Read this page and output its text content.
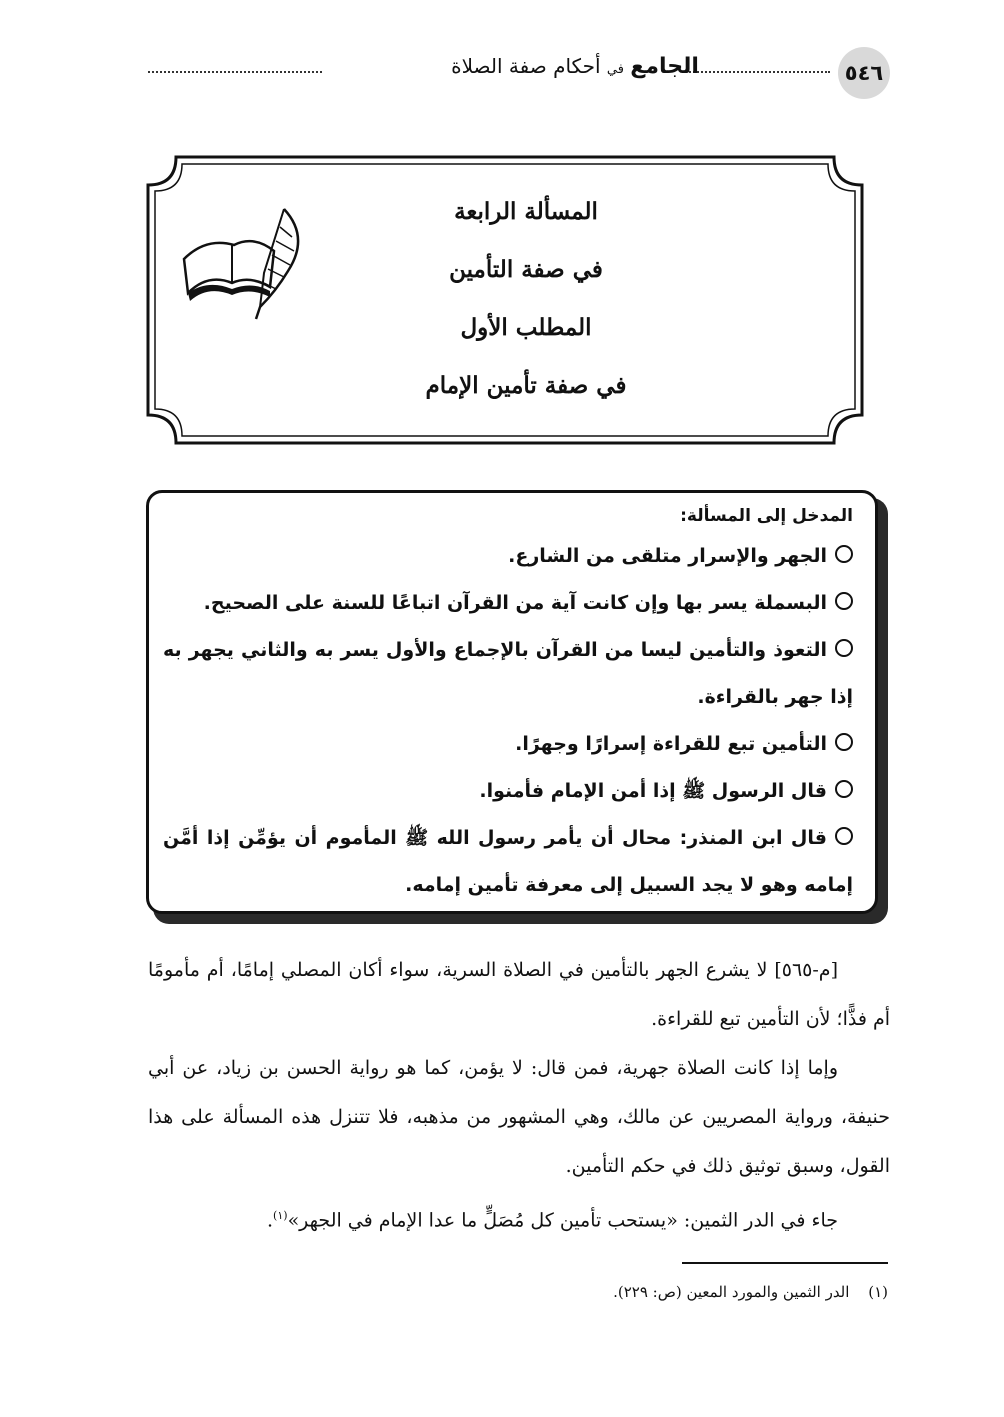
٥٤٦
الجامع في أحكام صفة الصلاة
المسألة الرابعة
في صفة التأمين
المطلب الأول
في صفة تأمين الإمام
المدخل إلى المسألة:
الجهر والإسرار متلقى من الشارع.
البسملة يسر بها وإن كانت آية من القرآن اتباعًا للسنة على الصحيح.
التعوذ والتأمين ليسا من القرآن بالإجماع والأول يسر به والثاني يجهر به إذا جهر بالقراءة.
التأمين تبع للقراءة إسرارًا وجهرًا.
قال الرسول ﷺ إذا أمن الإمام فأمنوا.
قال ابن المنذر: محال أن يأمر رسول الله ﷺ المأموم أن يؤمِّن إذا أمَّن إمامه وهو لا يجد السبيل إلى معرفة تأمين إمامه.

[م-٥٦٥] لا يشرع الجهر بالتأمين في الصلاة السرية، سواء أكان المصلي إمامًا، أم مأمومًا أم فذًّا؛ لأن التأمين تبع للقراءة.

وإما إذا كانت الصلاة جهرية، فمن قال: لا يؤمن، كما هو رواية الحسن بن زياد، عن أبي حنيفة، ورواية المصريين عن مالك، وهي المشهور من مذهبه، فلا تتنزل هذه المسألة على هذا القول، وسبق توثيق ذلك في حكم التأمين.

جاء في الدر الثمين: «يستحب تأمين كل مُصَلٍّ ما عدا الإمام في الجهر»$^{(١)}$.

(١) الدر الثمين والمورد المعين (ص: ٢٢٩).
